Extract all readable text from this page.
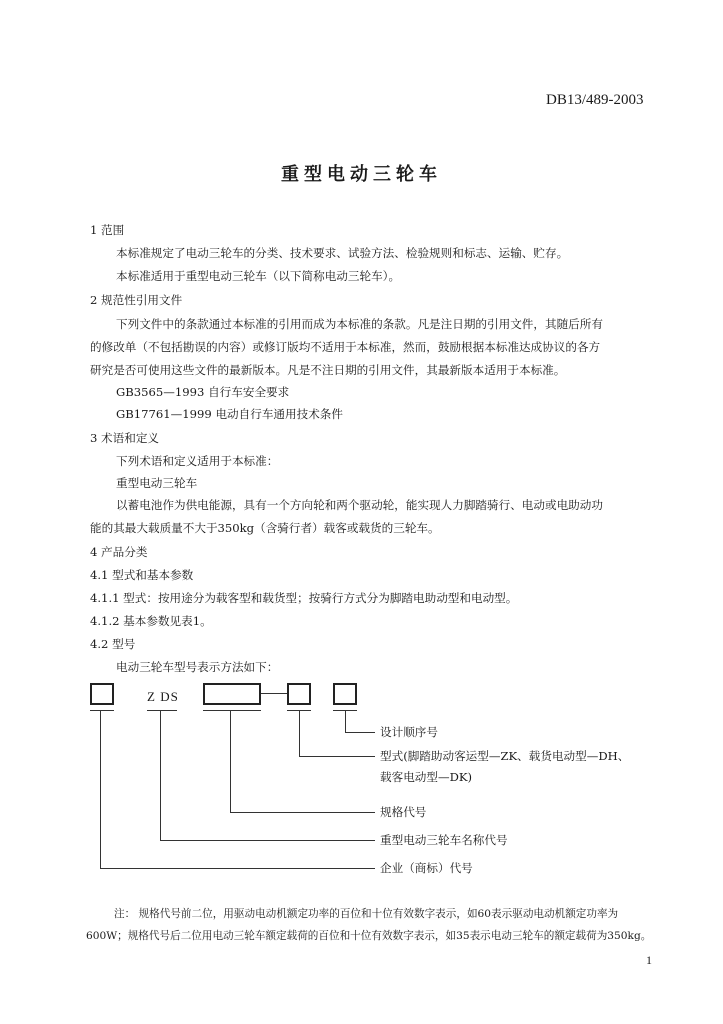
DB13/489-2003
重型电动三轮车
1 范围
本标准规定了电动三轮车的分类、技术要求、试验方法、检验规则和标志、运输、贮存。
本标准适用于重型电动三轮车（以下简称电动三轮车）。
2 规范性引用文件
下列文件中的条款通过本标准的引用而成为本标准的条款。凡是注日期的引用文件，其随后所有
的修改单（不包括勘误的内容）或修订版均不适用于本标准，然而，鼓励根据本标准达成协议的各方
研究是否可使用这些文件的最新版本。凡是不注日期的引用文件，其最新版本适用于本标准。
GB3565—1993 自行车安全要求
GB17761—1999 电动自行车通用技术条件
3 术语和定义
下列术语和定义适用于本标准：
重型电动三轮车
以蓄电池作为供电能源，具有一个方向轮和两个驱动轮，能实现人力脚踏骑行、电动或电助动功
能的其最大载质量不大于350kg（含骑行者）载客或载货的三轮车。
4 产品分类
4.1 型式和基本参数
4.1.1 型式：按用途分为载客型和载货型；按骑行方式分为脚踏电助动型和电动型。
4.1.2 基本参数见表1。
4.2 型号
电动三轮车型号表示方法如下：
Z DS
设计顺序号
型式(脚踏助动客运型—ZK、载货电动型—DH、
载客电动型—DK)
规格代号
重型电动三轮车名称代号
企业（商标）代号
注： 规格代号前二位，用驱动电动机额定功率的百位和十位有效数字表示，如60表示驱动电动机额定功率为
600W；规格代号后二位用电动三轮车额定载荷的百位和十位有效数字表示，如35表示电动三轮车的额定载荷为350kg。
1
